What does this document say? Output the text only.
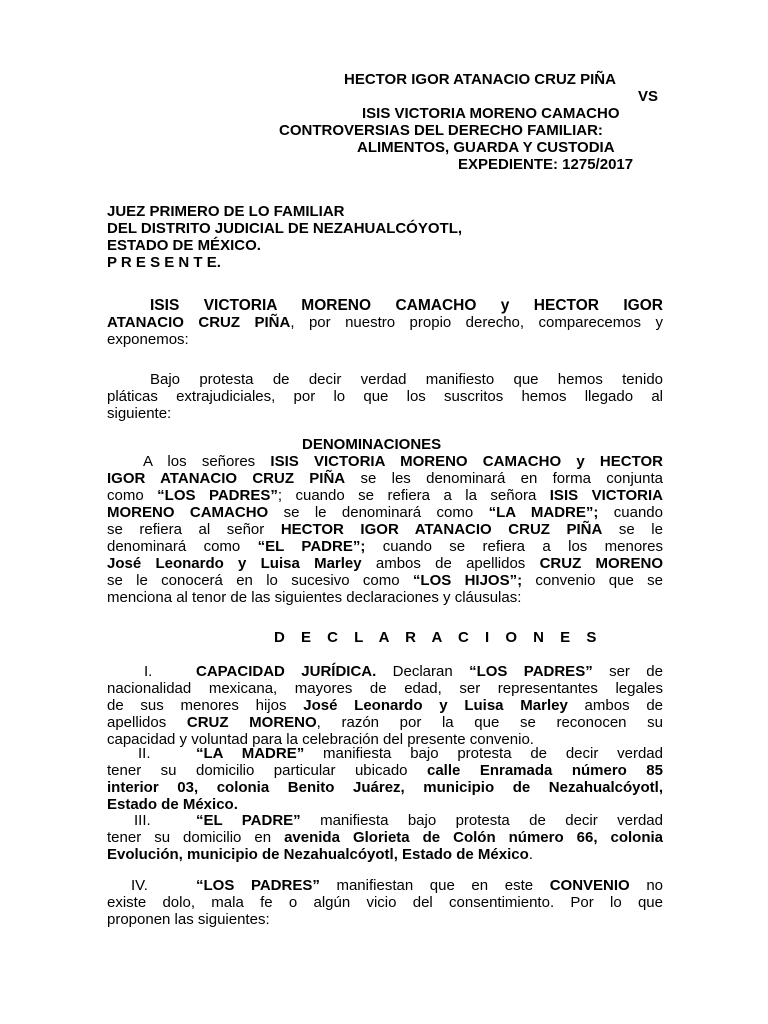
HECTOR IGOR ATANACIO CRUZ PIÑA
VS
ISIS VICTORIA MORENO CAMACHO
CONTROVERSIAS DEL DERECHO FAMILIAR:
ALIMENTOS, GUARDA Y CUSTODIA
EXPEDIENTE: 1275/2017
JUEZ PRIMERO DE LO FAMILIAR
DEL DISTRITO JUDICIAL DE NEZAHUALCÓYOTL,
ESTADO DE MÉXICO.
P R E S E N T E.
ISIS VICTORIA MORENO CAMACHO y HECTOR IGOR
ATANACIO CRUZ PIÑA, por nuestro propio derecho, comparecemos y
exponemos:
Bajo protesta de decir verdad manifiesto que hemos tenido
pláticas extrajudiciales, por lo que los suscritos hemos llegado al
siguiente:
DENOMINACIONES
A los señores ISIS VICTORIA MORENO CAMACHO y HECTOR
IGOR ATANACIO CRUZ PIÑA se les denominará en forma conjunta
como “LOS PADRES”; cuando se refiera a la señora ISIS VICTORIA
MORENO CAMACHO se le denominará como “LA MADRE”; cuando
se refiera al señor HECTOR IGOR ATANACIO CRUZ PIÑA se le
denominará como “EL PADRE”; cuando se refiera a los menores
José Leonardo y Luisa Marley ambos de apellidos CRUZ MORENO
se le conocerá en lo sucesivo como “LOS HIJOS”; convenio que se
menciona al tenor de las siguientes declaraciones y cláusulas:
D E C L A R A C I O N E S
I.	CAPACIDAD JURÍDICA. Declaran “LOS PADRES” ser de
nacionalidad mexicana, mayores de edad, ser representantes legales
de sus menores hijos José Leonardo y Luisa Marley ambos de
apellidos CRUZ MORENO, razón por la que se reconocen su
capacidad y voluntad para la celebración del presente convenio.
II.	“LA MADRE” manifiesta bajo protesta de decir verdad
tener su domicilio particular ubicado calle Enramada número 85
interior 03, colonia Benito Juárez, municipio de Nezahualcóyotl,
Estado de México.
III.	“EL PADRE” manifiesta bajo protesta de decir verdad
tener su domicilio en avenida Glorieta de Colón número 66, colonia
Evolución, municipio de Nezahualcóyotl, Estado de México.
IV.	“LOS PADRES” manifiestan que en este CONVENIO no
existe dolo, mala fe o algún vicio del consentimiento. Por lo que
proponen las siguientes:
